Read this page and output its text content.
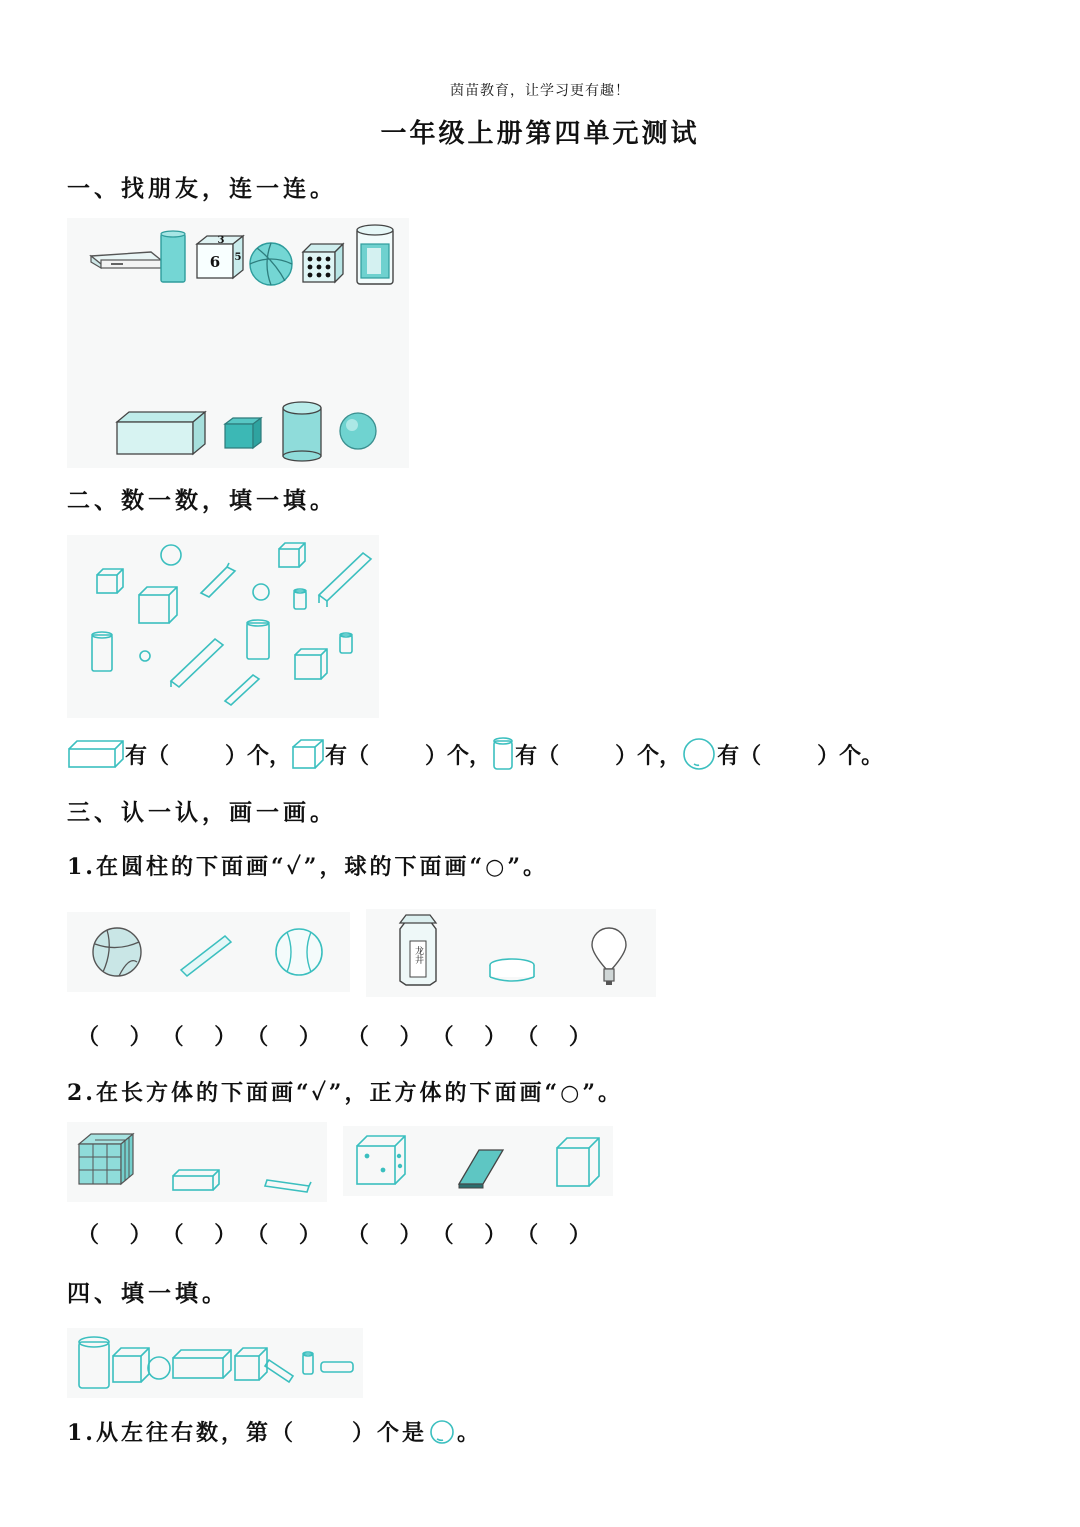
茵苗教育，让学习更有趣！
一年级上册第四单元测试
一、找朋友，连一连。
6
3
5
二、数一数，填一填。
有（	）个， 有（	）个， 有（	）个， 有（	）个。
三、认一认，画一画。
1.在圆柱的下面画“✓”，球的下面画“○”。
龙井
（    ） （    ） （    ） （    ） （    ） （    ）
2.在长方体的下面画“✓”，正方体的下面画“○”。
（    ） （    ） （    ） （    ） （    ） （    ）
四、填一填。
1.从左往右数，第（	）个是 。
